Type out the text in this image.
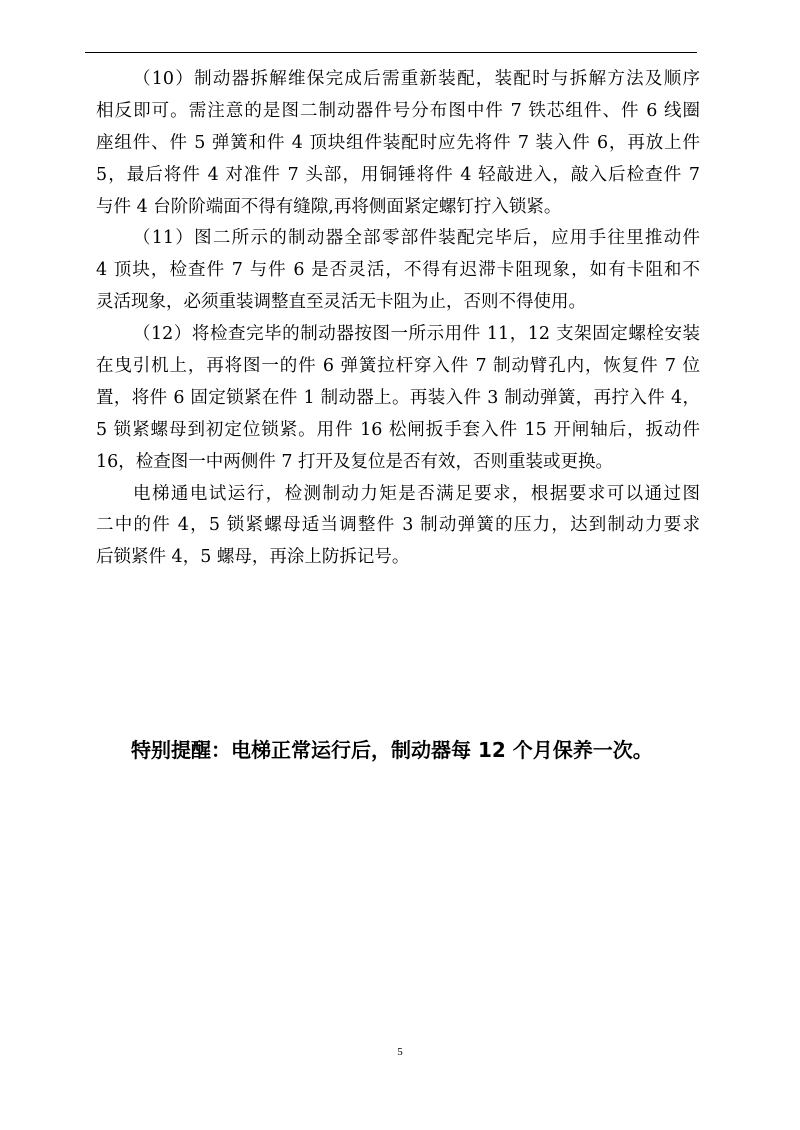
（10）制动器拆解维保完成后需重新装配，装配时与拆解方法及顺序
相反即可。需注意的是图二制动器件号分布图中件 7 铁芯组件、件 6 线圈
座组件、件 5 弹簧和件 4 顶块组件装配时应先将件 7 装入件 6，再放上件
5，最后将件 4 对准件 7 头部，用铜锤将件 4 轻敲进入，敲入后检查件 7
与件 4 台阶阶端面不得有缝隙,再将侧面紧定螺钉拧入锁紧。
（11）图二所示的制动器全部零部件装配完毕后，应用手往里推动件
4 顶块，检查件 7 与件 6 是否灵活，不得有迟滞卡阻现象，如有卡阻和不
灵活现象，必须重装调整直至灵活无卡阻为止，否则不得使用。
（12）将检查完毕的制动器按图一所示用件 11，12 支架固定螺栓安装
在曳引机上，再将图一的件 6 弹簧拉杆穿入件 7 制动臂孔内，恢复件 7 位
置，将件 6 固定锁紧在件 1 制动器上。再装入件 3 制动弹簧，再拧入件 4，
5 锁紧螺母到初定位锁紧。用件 16 松闸扳手套入件 15 开闸轴后，扳动件
16，检查图一中两侧件 7 打开及复位是否有效，否则重装或更换。
电梯通电试运行，检测制动力矩是否满足要求，根据要求可以通过图
二中的件 4，5 锁紧螺母适当调整件 3 制动弹簧的压力，达到制动力要求
后锁紧件 4，5 螺母，再涂上防拆记号。
特别提醒：电梯正常运行后，制动器每 12 个月保养一次。
5
